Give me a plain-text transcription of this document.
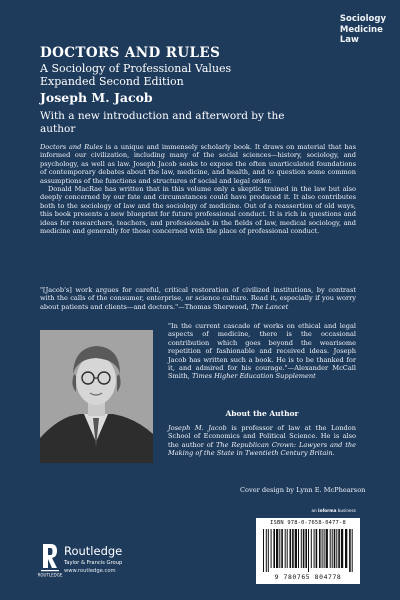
Sociology
Medicine
Law
DOCTORS AND RULES
A Sociology of Professional Values
Expanded Second Edition
Joseph M. Jacob
With a new introduction and afterword by the author

Doctors and Rules is a unique and immensely scholarly book. It draws on material that has informed our civilization, including many of the social sciences—history, sociology, and psychology, as well as law. Joseph Jacob seeks to expose the often unarticulated foundations of contemporary debates about the law, medicine, and health, and to question some common assumptions of the functions and structures of social and legal order.

Donald MacRae has written that in this volume only a skeptic trained in the law but also deeply concerned by our fate and circumstances could have produced it. It also contributes both to the sociology of law and the sociology of medicine. Out of a reassertion of old ways, this book presents a new blueprint for future professional conduct. It is rich in questions and ideas for researchers, teachers, and professionals in the fields of law, medical sociology, and medicine and generally for those concerned with the place of professional conduct.

"[Jacob's] work argues for careful, critical restoration of civilized institutions, by contrast with the calls of the consumer, enterprise, or science culture. Read it, especially if you worry about patients and clients—and doctors."—Thomas Sherwood, The Lancet
"In the current cascade of works on ethical and legal aspects of medicine, there is the occasional contribution which goes beyond the wearisome repetition of fashionable and received ideas. Joseph Jacob has written such a book. He is to be thanked for it, and admired for his courage."—Alexander McCall Smith, Times Higher Education Supplement
About the Author
Joseph M. Jacob is professor of law at the London School of Economics and Political Science. He is also the author of The Republican Crown: Lawyers and the Making of the State in Twentieth Century Britain.
Cover design by Lynn E. McPhearson
an informa business
ISBN 978-0-7658-0477-8
9 780765 804778
ROUTLEDGE
Routledge
Taylor & Francis Group
www.routledge.com
